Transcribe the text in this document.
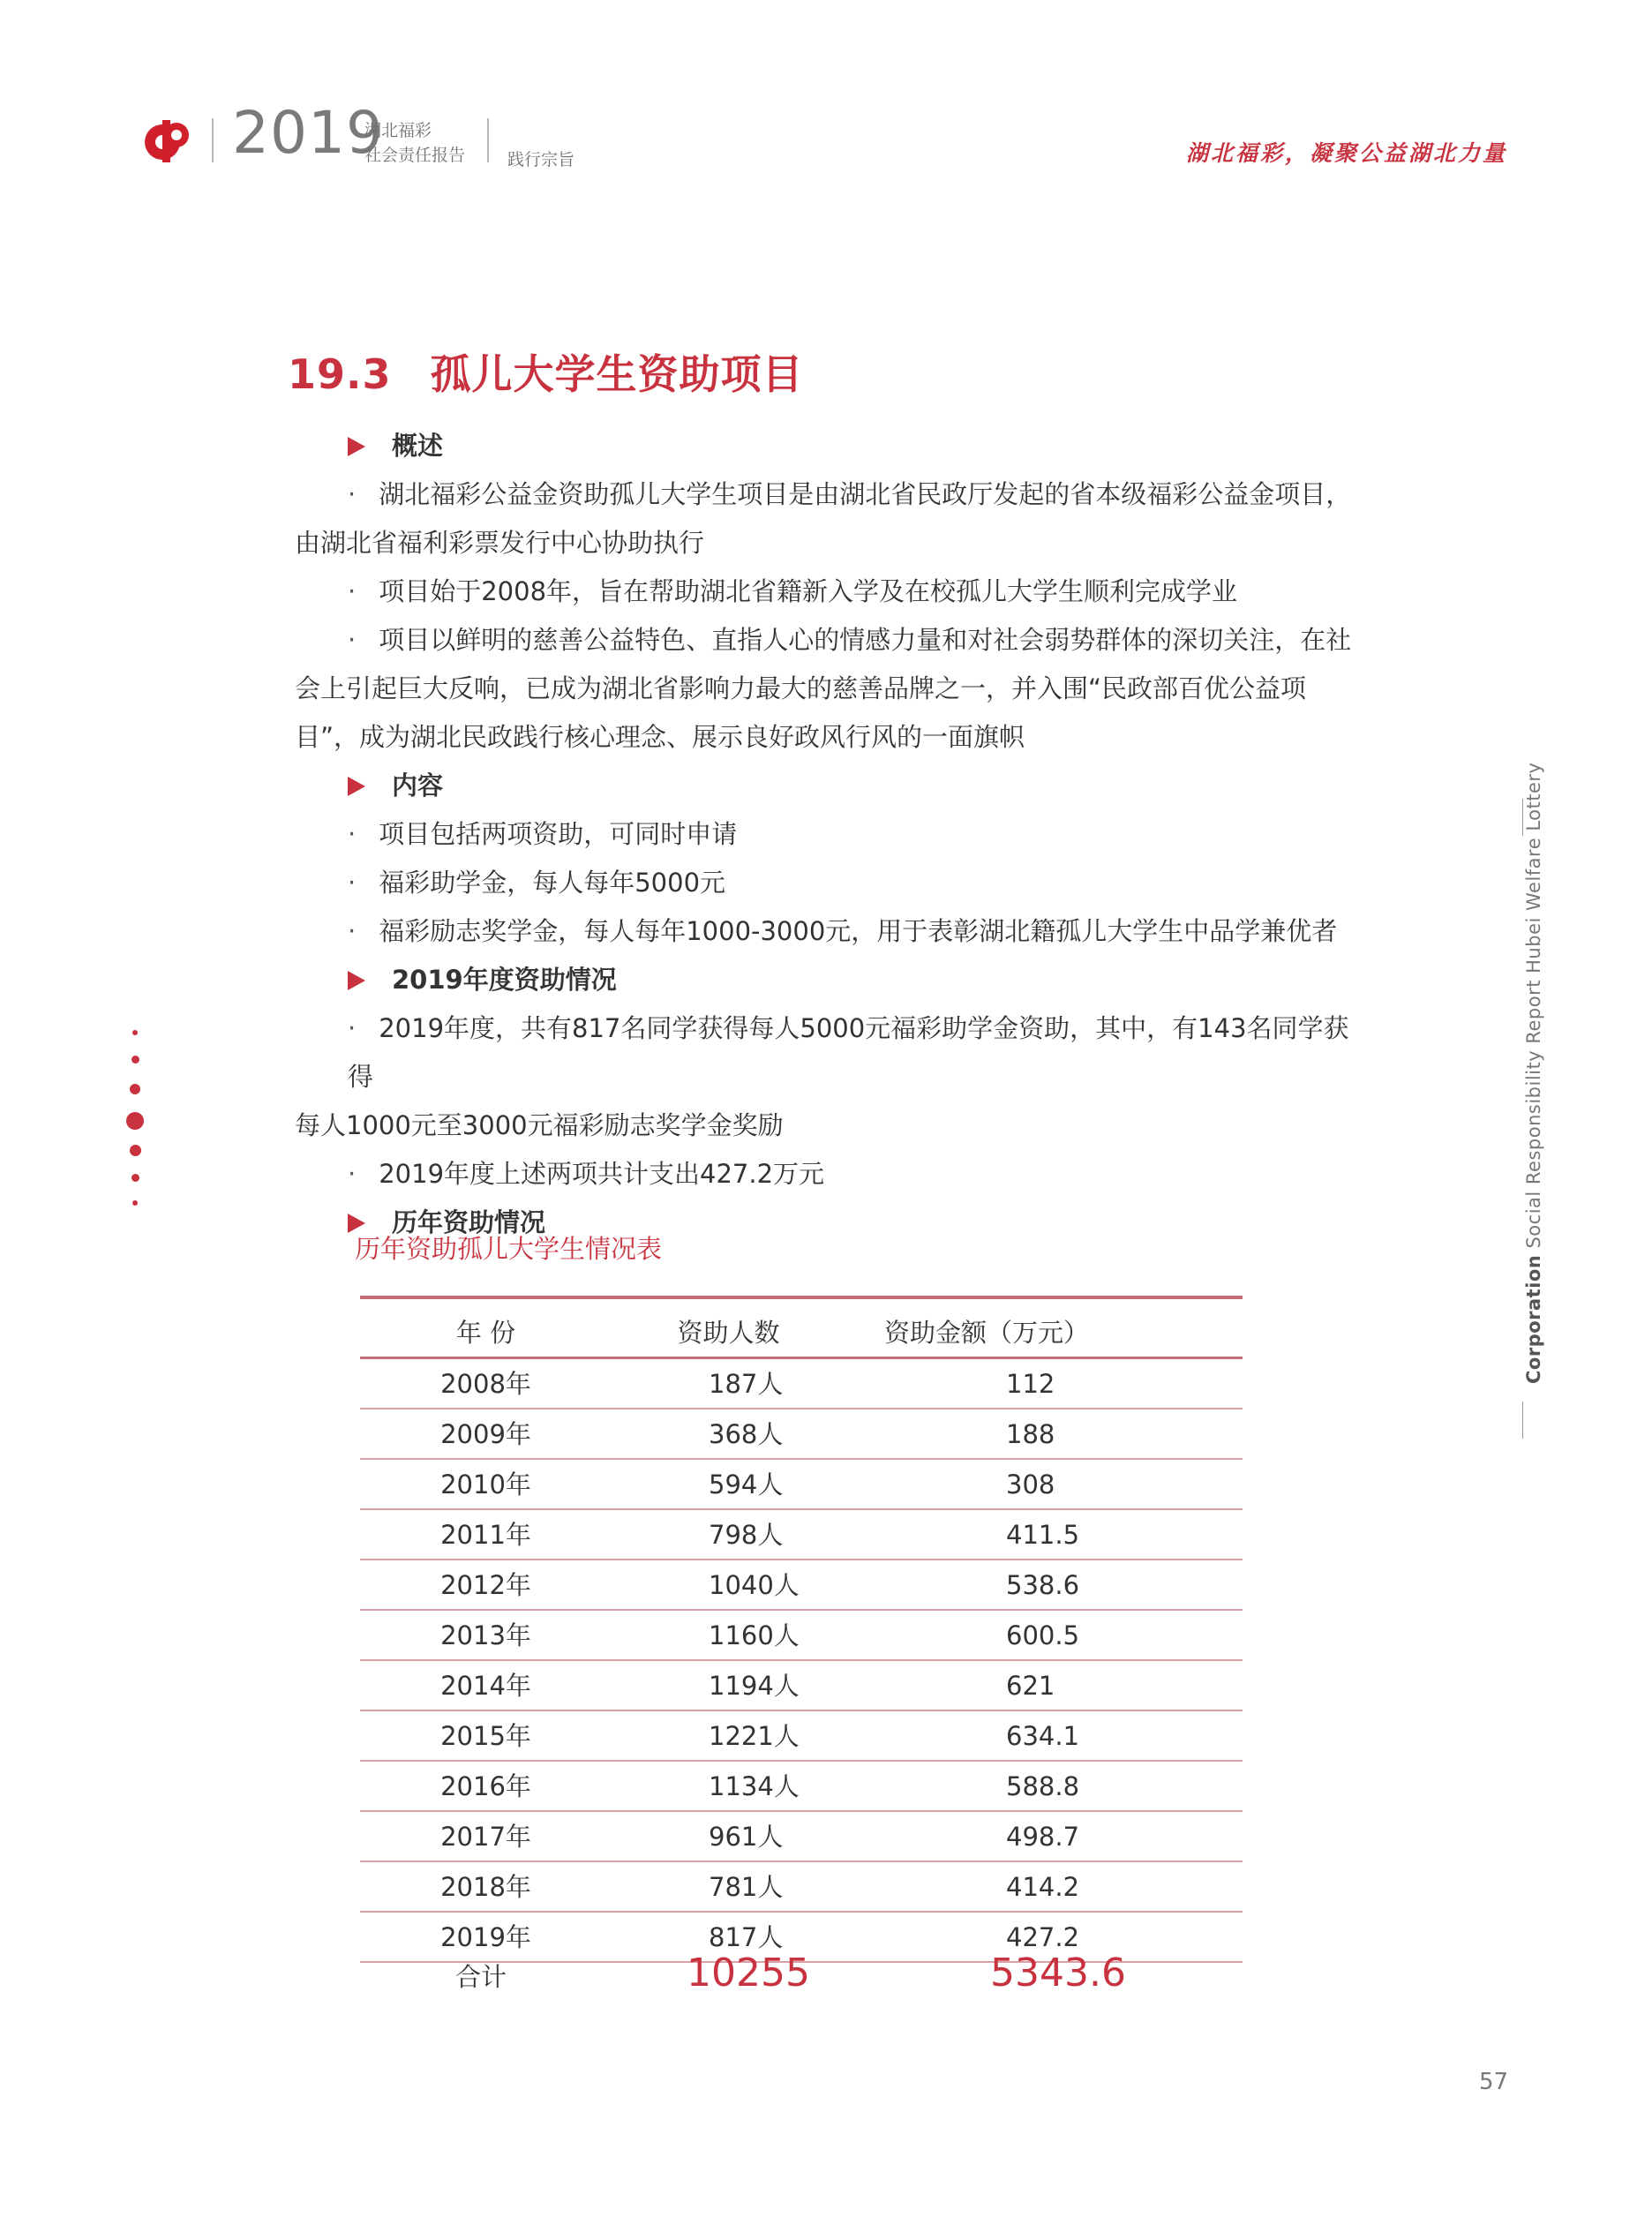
2019
湖北福彩
社会责任报告	践行宗旨	湖北福彩，凝聚公益湖北力量
19.3 孤儿大学生资助项目
概述
· 湖北福彩公益金资助孤儿大学生项目是由湖北省民政厅发起的省本级福彩公益金项目，
由湖北省福利彩票发行中心协助执行
· 项目始于2008年，旨在帮助湖北省籍新入学及在校孤儿大学生顺利完成学业
· 项目以鲜明的慈善公益特色、直指人心的情感力量和对社会弱势群体的深切关注，在社
会上引起巨大反响，已成为湖北省影响力最大的慈善品牌之一，并入围“民政部百优公益项
目”，成为湖北民政践行核心理念、展示良好政风行风的一面旗帜
内容
· 项目包括两项资助，可同时申请
· 福彩助学金，每人每年5000元
· 福彩励志奖学金，每人每年1000-3000元，用于表彰湖北籍孤儿大学生中品学兼优者
2019年度资助情况
· 2019年度，共有817名同学获得每人5000元福彩助学金资助，其中，有143名同学获得
每人1000元至3000元福彩励志奖学金奖励
· 2019年度上述两项共计支出427.2万元
历年资助情况
历年资助孤儿大学生情况表
年 份	资助人数	资助金额（万元）
2008年	187人	112
2009年	368人	188
2010年	594人	308
2011年	798人	411.5
2012年	1040人	538.6
2013年	1160人	600.5
2014年	1194人	621
2015年	1221人	634.1
2016年	1134人	588.8
2017年	961人	498.7
2018年	781人	414.2
2019年	817人	427.2
合计	10255	5343.6
Corporation Social Responsibility Report Hubei Welfare Lottery
57
